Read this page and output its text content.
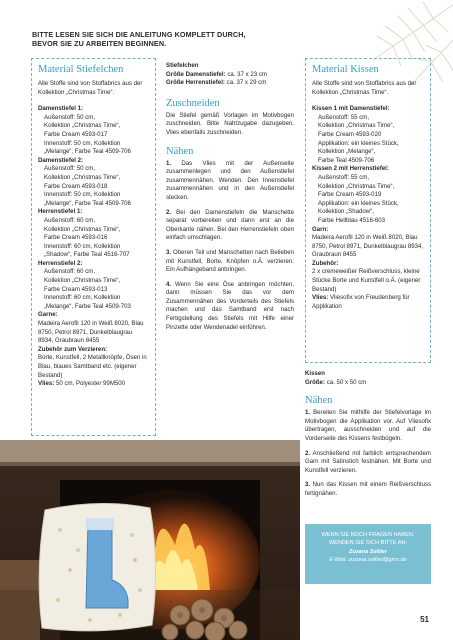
BITTE LESEN SIE SICH DIE ANLEITUNG KOMPLETT DURCH,
BEVOR SIE ZU ARBEITEN BEGINNEN.
Material Stiefelchen

Alle Stoffe sind von Stoffabrics aus der Kollektion „Christmas Time“.

Damenstiefel 1:

Außenstoff: 50 cm,

Kollektion „Christmas Time“,

Farbe Cream 4593-017

Innenstoff: 50 cm, Kollektion

„Melange“, Farbe Teal 4509-706

Damenstiefel 2:

Außenstoff: 50 cm,

Kollektion „Christmas Time“,

Farbe Cream 4593-018

Innenstoff: 50 cm, Kollektion

„Melange“, Farbe Teal 4509-706

Herrenstiefel 1:

Außenstoff: 60 cm,

Kollektion „Christmas Time“,

Farbe Cream 4593-016

Innenstoff: 60 cm, Kollektion

„Shadow“, Farbe Teal 4516-707

Herrenstiefel 2:

Außenstoff: 60 cm,

Kollektion „Christmas Time“,

Farbe Cream 4593-013

Innenstoff: 60 cm, Kollektion

„Melange“, Farbe Teal 4509-703

Garne:

Madeira Aerofil 120 in Weiß 8020, Blau 8750, Petrol 8971, Dunkelblaugrau 8934, Graubraun 8455

Zubehör zum Verzieren:

Borte, Kunstfell, 2 Metallknöpfe, Ösen in Blau, blaues Samtband etc. (eigener Bestand)

Vlies: 50 cm, Polyester 99M500

Stiefelchen

Größe Damenstiefel: ca. 37 x 23 cm

Größe Herrenstiefel: ca. 37 x 29 cm

Zuschneiden

Die Stiefel gemäß Vorlagen im Motivbogen zuschneiden. Bitte Nahtzugabe dazugeben. Vlies ebenfalls zuschneiden.

Nähen

1. Das Vlies mit der Außenseite zusammenlegen und den Außenstiefel zusammennähen. Wenden. Den Innenstiefel zusammennähen und in den Außenstiefel stecken.

2. Bei den Damenstiefeln die Manschette separat vorbereiten und dann erst an die Oberkante nähen. Bei den Herrenstiefeln oben einfach umschlagen.

3. Oberen Teil und Manschetten nach Belieben mit Kunstfell, Borte, Knöpfen o.Ä. verzieren. Ein Aufhängeband anbringen.

4. Wenn Sie eine Öse anbringen möchten, dann müssen Sie das vor dem Zusammennähen des Vorderteils des Stiefels machen und das Samtband erst nach Fertigstellung des Stiefels mit Hilfe einer Pinzette oder Wendenadel einführen.

Material Kissen

Alle Stoffe sind von Stoffabrics aus der Kollektion „Christmas Time“.

Kissen 1 mit Damenstiefel:

Außenstoff: 55 cm,

Kollektion „Christmas Time“,

Farbe Cream 4593-020

Applikation: ein kleines Stück,

Kollektion „Melange“,

Farbe Teal 4509-706

Kissen 2 mit Herrenstiefel:

Außenstoff: 55 cm,

Kollektion „Christmas Time“,

Farbe Cream 4593-019

Applikation: ein kleines Stück,

Kollektion „Shadow“,

Farbe Hellblau 4516-603

Garn:

Madeira Aerofil 120 in Weiß 8020, Blau 8750, Petrol 8971, Dunkelblaugrau 8934, Graubraun 8455

Zubehör:

2 x cremeweißer Reißverschluss, kleine Stücke Borte und Kunstfell o.Ä. (eigener Bestand)

Vlies: Vliesofix von Freudenberg für Applikation

Kissen

Größe: ca. 50 x 50 cm

Nähen

1. Bereiten Sie mithilfe der Stiefelvorlage im Motivbogen die Applikation vor. Auf Vliesofix übertragen, ausschneiden und auf die Vorderseite des Kissens festbügeln.

2. Anschließend mit farblich entsprechendem Garn mit Satinstich festnähen. Mit Borte und Kunstfell verzieren.

3. Nun das Kissen mit einem Reißverschluss fertignähen.

WENN SIE NOCH FRAGEN HABEN,

WENDEN SIE SICH BITTE AN:

Zuzana Seltier

E-Mail: zuzana.seltier@gmx.de

51
